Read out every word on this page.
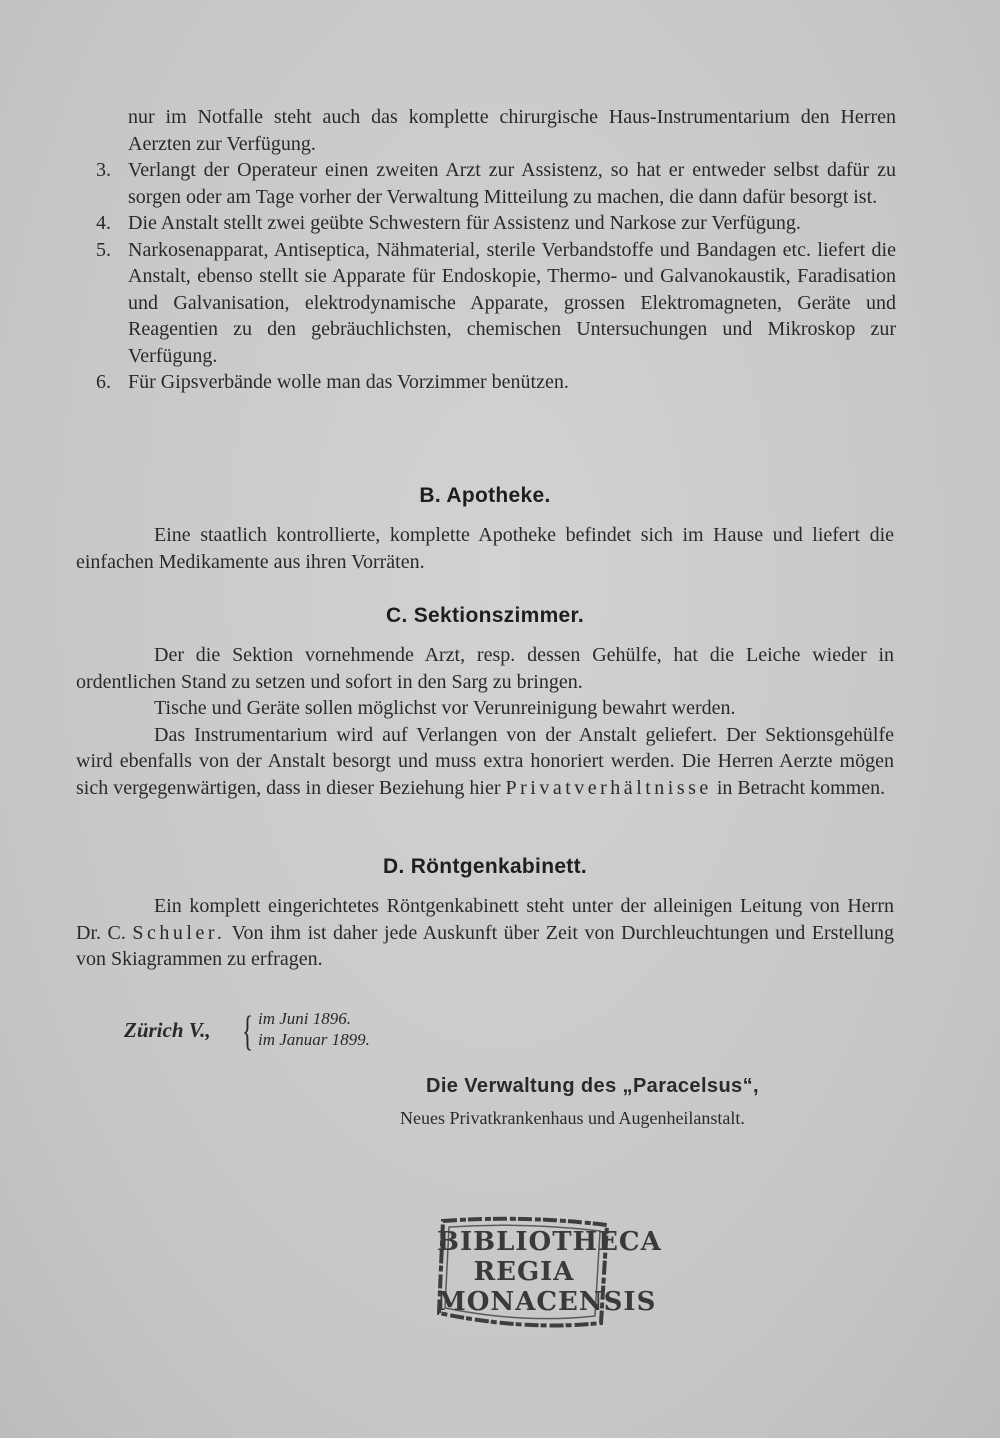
nur im Notfalle steht auch das komplette chirurgische Haus-Instrumentarium den Herren Aerzten zur Verfügung.
3. Verlangt der Operateur einen zweiten Arzt zur Assistenz, so hat er entweder selbst dafür zu sorgen oder am Tage vorher der Verwaltung Mitteilung zu machen, die dann dafür besorgt ist.
4. Die Anstalt stellt zwei geübte Schwestern für Assistenz und Narkose zur Verfügung.
5. Narkosenapparat, Antiseptica, Nähmaterial, sterile Verbandstoffe und Bandagen etc. liefert die Anstalt, ebenso stellt sie Apparate für Endoskopie, Thermo- und Galvanokaustik, Faradisation und Galvanisation, elektrodynamische Apparate, grossen Elektromagneten, Geräte und Reagentien zu den gebräuchlichsten, chemischen Untersuchungen und Mikroskop zur Verfügung.
6. Für Gipsverbände wolle man das Vorzimmer benützen.
B. Apotheke.

Eine staatlich kontrollierte, komplette Apotheke befindet sich im Hause und liefert die einfachen Medikamente aus ihren Vorräten.

C. Sektionszimmer.

Der die Sektion vornehmende Arzt, resp. dessen Gehülfe, hat die Leiche wieder in ordentlichen Stand zu setzen und sofort in den Sarg zu bringen.

Tische und Geräte sollen möglichst vor Verunreinigung bewahrt werden.

Das Instrumentarium wird auf Verlangen von der Anstalt geliefert. Der Sektionsgehülfe wird ebenfalls von der Anstalt besorgt und muss extra honoriert werden. Die Herren Aerzte mögen sich vergegenwärtigen, dass in dieser Beziehung hier Privatverhältnisse in Betracht kommen.

D. Röntgenkabinett.

Ein komplett eingerichtetes Röntgenkabinett steht unter der alleinigen Leitung von Herrn Dr. C. Schuler. Von ihm ist daher jede Auskunft über Zeit von Durchleuchtungen und Erstellung von Skiagrammen zu erfragen.

Zürich V., { im Juni 1896.
im Januar 1899.
Die Verwaltung des „Paracelsus“,
Neues Privatkrankenhaus und Augenheilanstalt.
BIBLIOTHECA
REGIA
MONACENSIS
